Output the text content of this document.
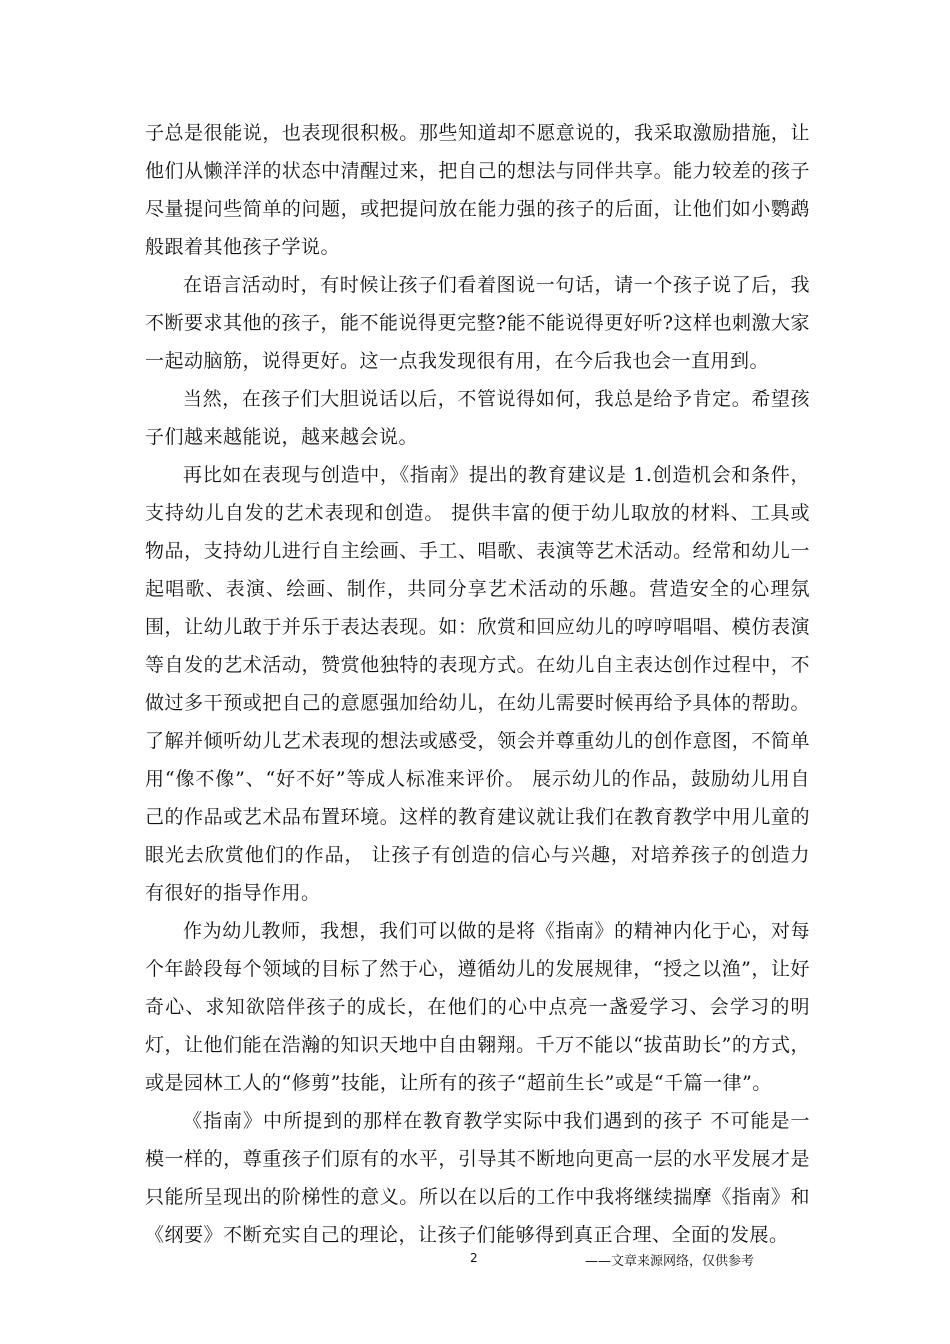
子总是很能说，也表现很积极。那些知道却不愿意说的，我采取激励措施，让他们从懒洋洋的状态中清醒过来，把自己的想法与同伴共享。能力较差的孩子尽量提问些简单的问题，或把提问放在能力强的孩子的后面，让他们如小鹦鹉般跟着其他孩子学说。

在语言活动时，有时候让孩子们看着图说一句话，请一个孩子说了后，我不断要求其他的孩子，能不能说得更完整?能不能说得更好听?这样也刺激大家一起动脑筋，说得更好。这一点我发现很有用，在今后我也会一直用到。

当然，在孩子们大胆说话以后，不管说得如何，我总是给予肯定。希望孩子们越来越能说，越来越会说。

再比如在表现与创造中，《指南》提出的教育建议是 1.创造机会和条件，支持幼儿自发的艺术表现和创造。 提供丰富的便于幼儿取放的材料、工具或物品，支持幼儿进行自主绘画、手工、唱歌、表演等艺术活动。经常和幼儿一起唱歌、表演、绘画、制作，共同分享艺术活动的乐趣。营造安全的心理氛围，让幼儿敢于并乐于表达表现。如：欣赏和回应幼儿的哼哼唱唱、模仿表演等自发的艺术活动，赞赏他独特的表现方式。在幼儿自主表达创作过程中，不做过多干预或把自己的意愿强加给幼儿，在幼儿需要时候再给予具体的帮助。了解并倾听幼儿艺术表现的想法或感受，领会并尊重幼儿的创作意图，不简单用“像不像”、“好不好”等成人标准来评价。 展示幼儿的作品，鼓励幼儿用自己的作品或艺术品布置环境。这样的教育建议就让我们在教育教学中用儿童的眼光去欣赏他们的作品， 让孩子有创造的信心与兴趣，对培养孩子的创造力有很好的指导作用。

作为幼儿教师，我想，我们可以做的是将《指南》的精神内化于心，对每个年龄段每个领域的目标了然于心，遵循幼儿的发展规律，“授之以渔”，让好奇心、求知欲陪伴孩子的成长，在他们的心中点亮一盏爱学习、会学习的明灯，让他们能在浩瀚的知识天地中自由翱翔。千万不能以“拔苗助长”的方式，或是园林工人的“修剪”技能，让所有的孩子“超前生长”或是“千篇一律”。

《指南》中所提到的那样在教育教学实际中我们遇到的孩子 不可能是一模一样的，尊重孩子们原有的水平，引导其不断地向更高一层的水平发展才是只能所呈现出的阶梯性的意义。所以在以后的工作中我将继续揣摩《指南》和《纲要》不断充实自己的理论，让孩子们能够得到真正合理、全面的发展。

2	——文章来源网络，仅供参考
